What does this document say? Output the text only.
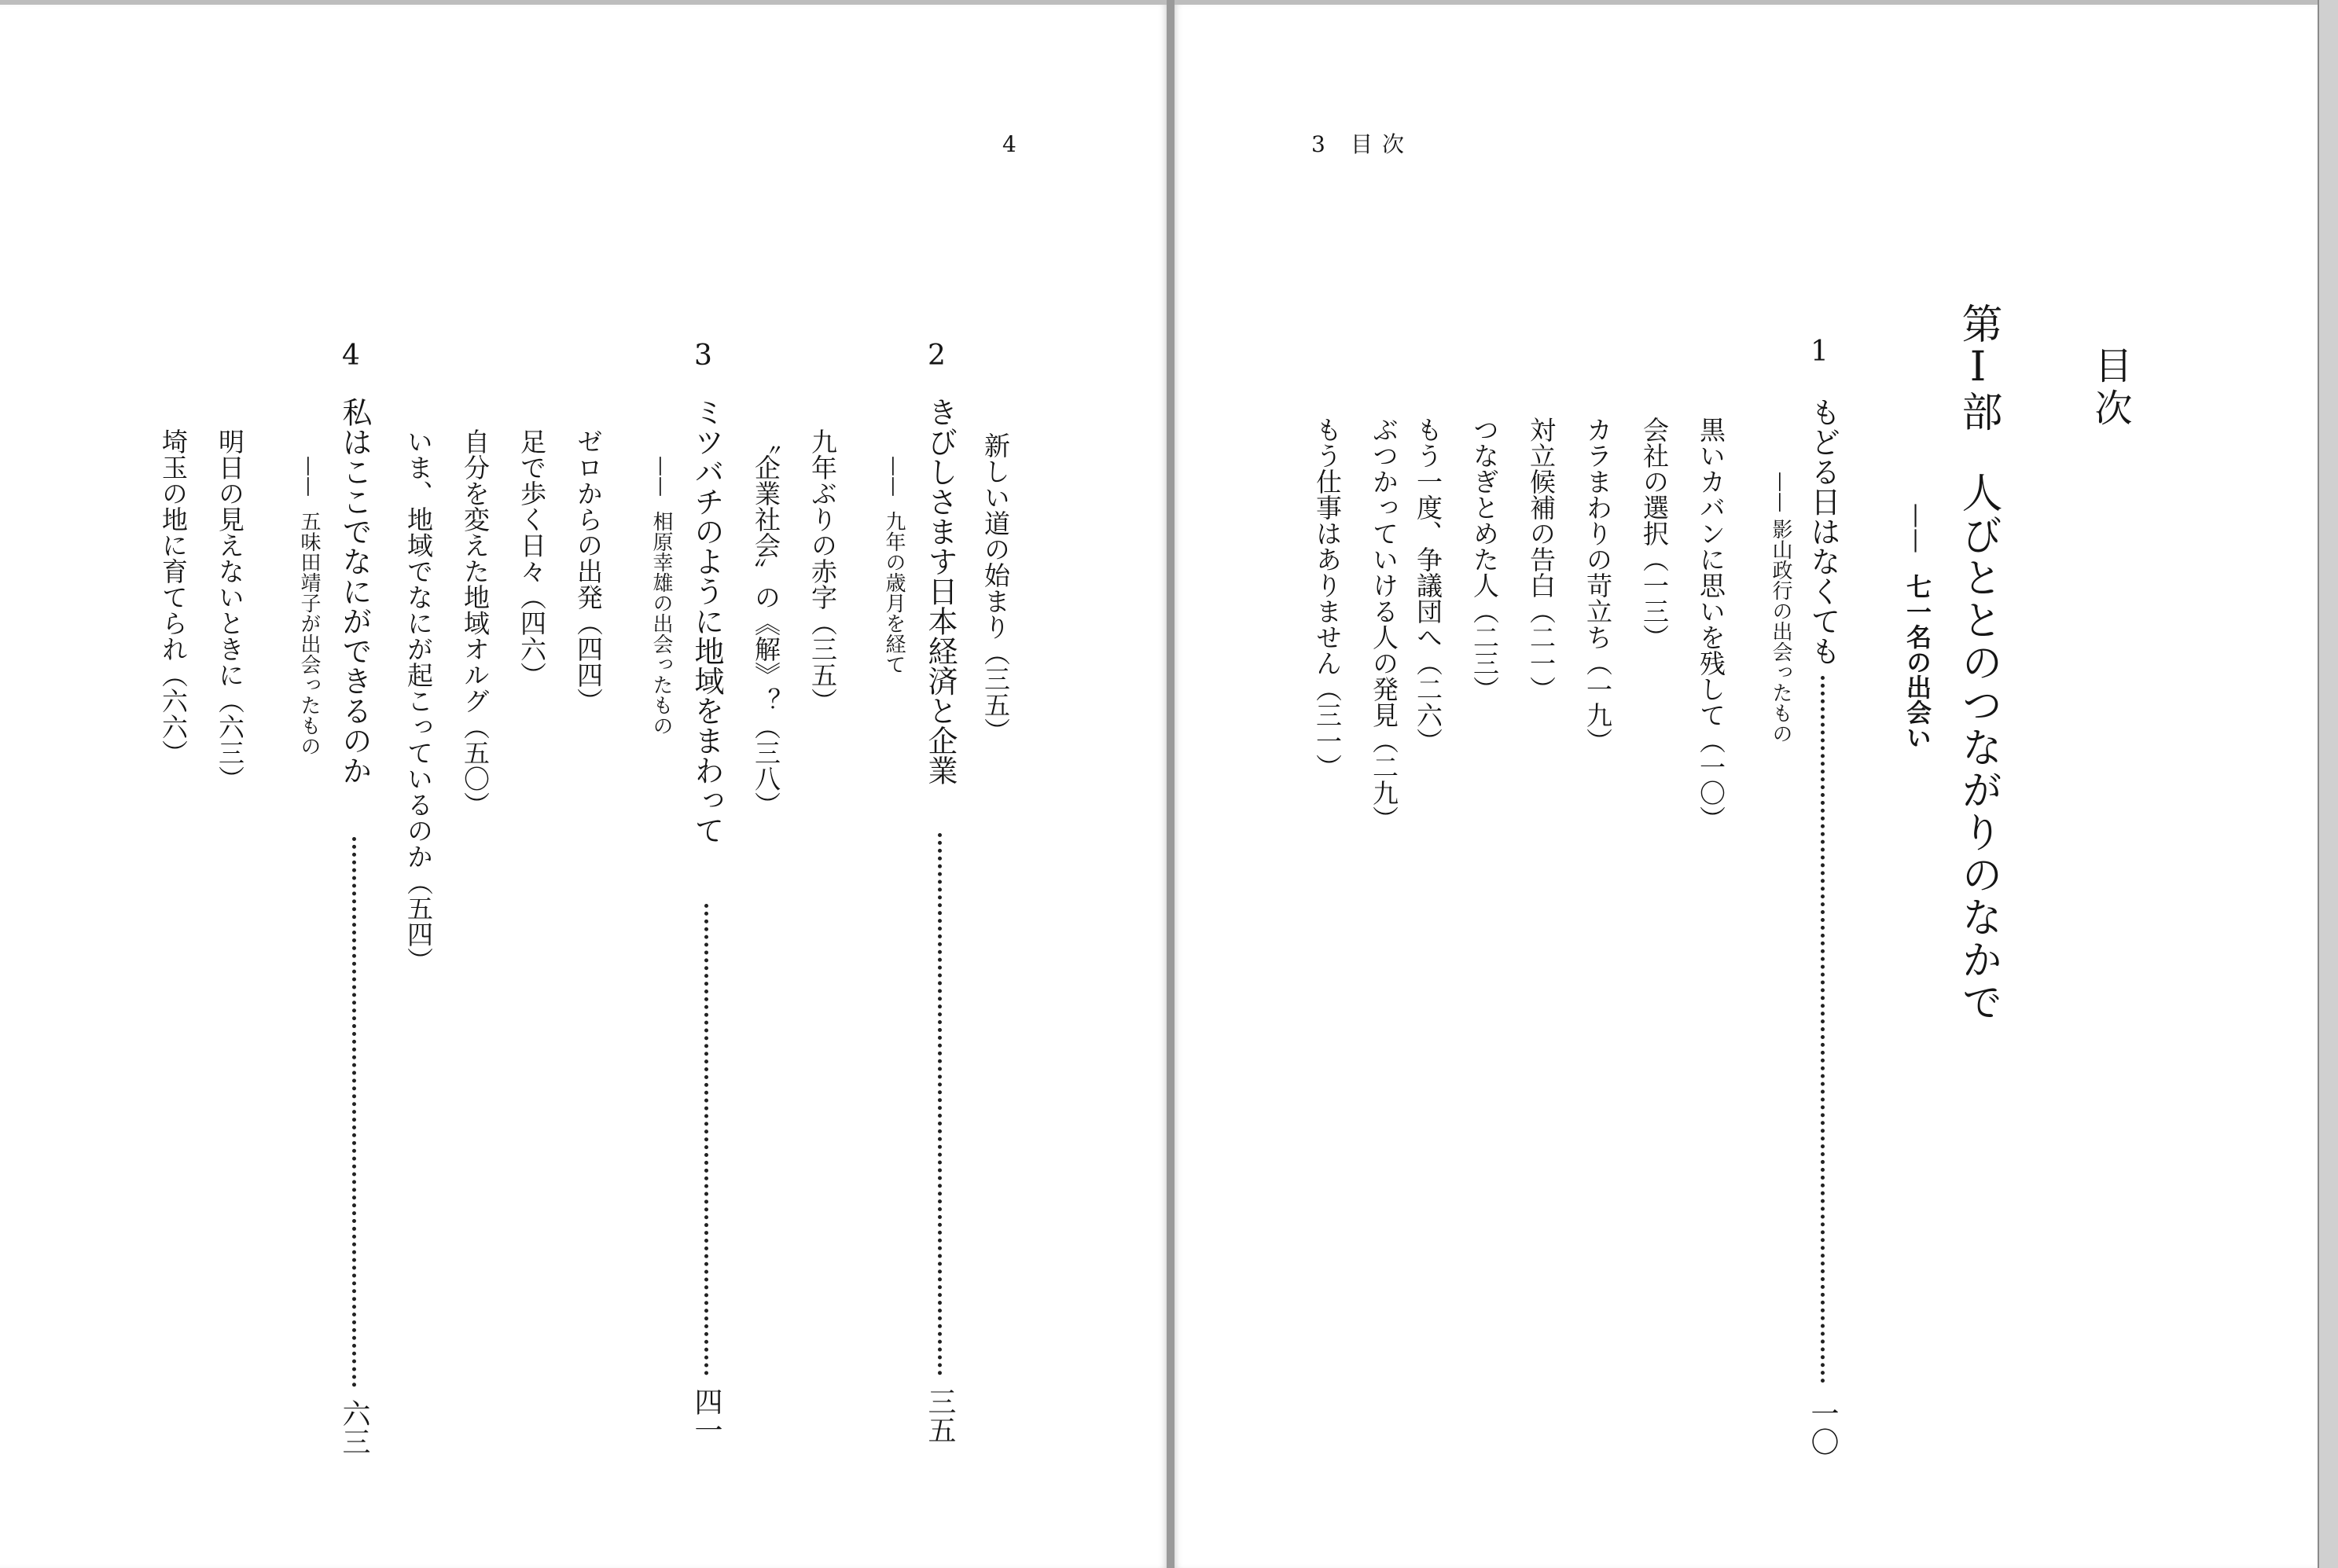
4	3 目次
目次
第Ⅰ部
人びととのつながりのなかで
——
七一名の出会い
1
もどる日はなくても
一〇
——
影山政行の出会ったもの
黒いカバンに思いを残して（一〇）
会社の選択（一三）
カラまわりの苛立ち（一九）
対立候補の告白（二一）
つなぎとめた人（二三）
もう一度、争議団へ（二六）
ぶつかっていける人の発見（二九）
もう仕事はありません（三一）
2
きびしさます日本経済と企業
三五
——
九年の歳月を経て	新しい道の始まり（三五）
九年ぶりの赤字（三五）
〝企業社会〟の《解》？（三八）
3
ミツバチのように地域をまわって
四一
——
相原幸雄の出会ったもの
ゼロからの出発（四四）
足で歩く日々（四六）
自分を変えた地域オルグ（五〇）
いま、地域でなにが起こっているのか（五四）
4
私はここでなにができるのか
六三
——
五味田靖子が出会ったもの
明日の見えないときに（六三）
埼玉の地に育てられ（六六）
